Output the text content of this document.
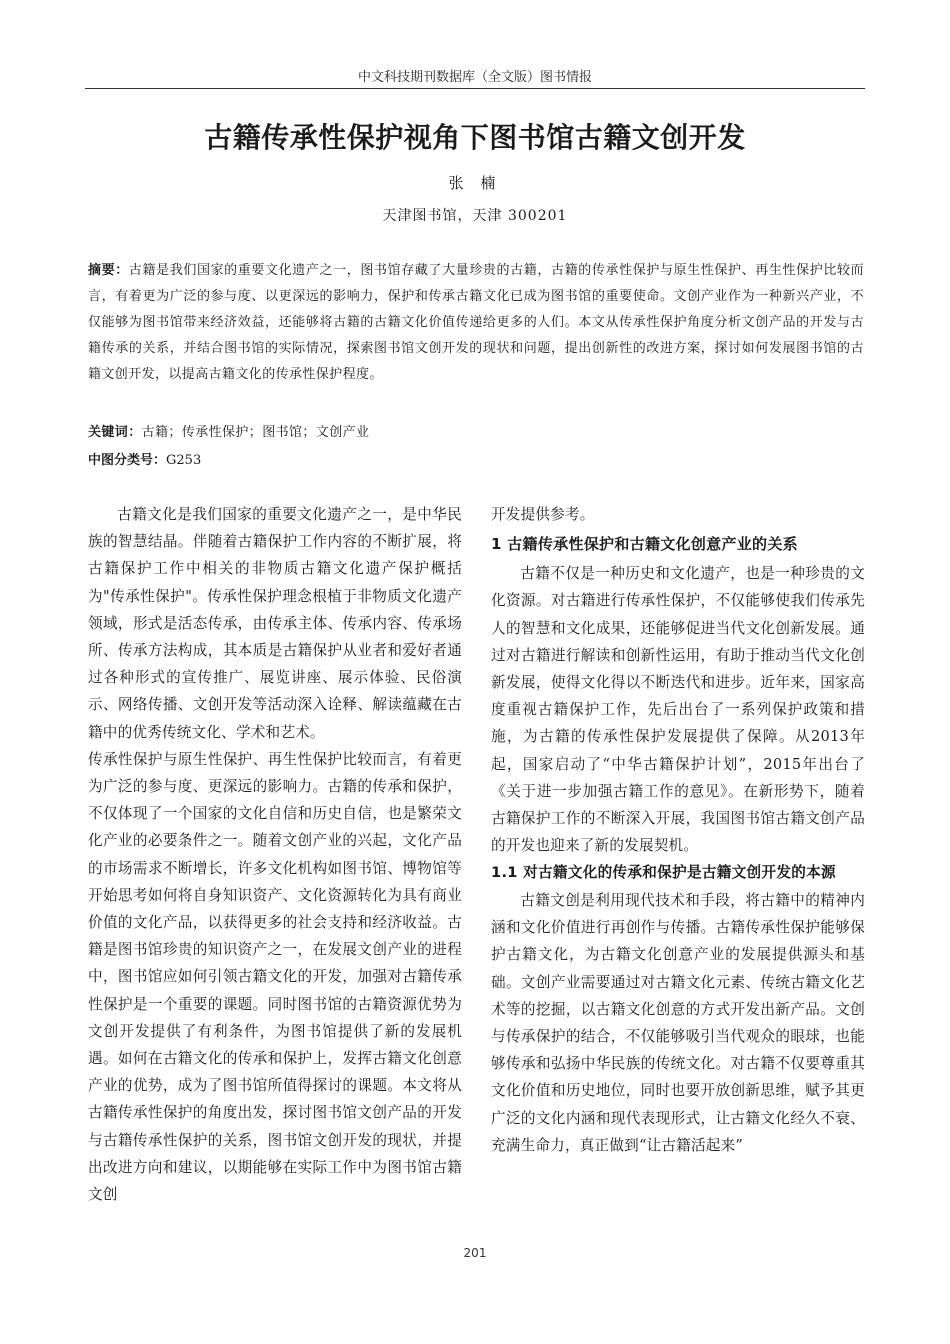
中文科技期刊数据库（全文版）图书情报
古籍传承性保护视角下图书馆古籍文创开发
张 楠
天津图书馆，天津 300201
摘要：古籍是我们国家的重要文化遗产之一，图书馆存藏了大量珍贵的古籍，古籍的传承性保护与原生性保护、再生性保护比较而言，有着更为广泛的参与度、以更深远的影响力，保护和传承古籍文化已成为图书馆的重要使命。文创产业作为一种新兴产业，不仅能够为图书馆带来经济效益，还能够将古籍的古籍文化价值传递给更多的人们。本文从传承性保护角度分析文创产品的开发与古籍传承的关系，并结合图书馆的实际情况，探索图书馆文创开发的现状和问题，提出创新性的改进方案，探讨如何发展图书馆的古籍文创开发，以提高古籍文化的传承性保护程度。
关键词：古籍；传承性保护；图书馆；文创产业
中图分类号：G253

古籍文化是我们国家的重要文化遗产之一，是中华民族的智慧结晶。伴随着古籍保护工作内容的不断扩展，将古籍保护工作中相关的非物质古籍文化遗产保护概括为"传承性保护"。传承性保护理念根植于非物质文化遗产领域，形式是活态传承，由传承主体、传承内容、传承场所、传承方法构成，其本质是古籍保护从业者和爱好者通过各种形式的宣传推广、展览讲座、展示体验、民俗演示、网络传播、文创开发等活动深入诠释、解读蕴藏在古籍中的优秀传统文化、学术和艺术。

传承性保护与原生性保护、再生性保护比较而言，有着更为广泛的参与度、更深远的影响力。古籍的传承和保护，不仅体现了一个国家的文化自信和历史自信，也是繁荣文化产业的必要条件之一。随着文创产业的兴起，文化产品的市场需求不断增长，许多文化机构如图书馆、博物馆等开始思考如何将自身知识资产、文化资源转化为具有商业价值的文化产品，以获得更多的社会支持和经济收益。古籍是图书馆珍贵的知识资产之一，在发展文创产业的进程中，图书馆应如何引领古籍文化的开发，加强对古籍传承性保护是一个重要的课题。同时图书馆的古籍资源优势为文创开发提供了有利条件，为图书馆提供了新的发展机遇。如何在古籍文化的传承和保护上，发挥古籍文化创意产业的优势，成为了图书馆所值得探讨的课题。本文将从古籍传承性保护的角度出发，探讨图书馆文创产品的开发与古籍传承性保护的关系，图书馆文创开发的现状，并提出改进方向和建议，以期能够在实际工作中为图书馆古籍文创

开发提供参考。

1 古籍传承性保护和古籍文化创意产业的关系

古籍不仅是一种历史和文化遗产，也是一种珍贵的文化资源。对古籍进行传承性保护，不仅能够使我们传承先人的智慧和文化成果，还能够促进当代文化创新发展。通过对古籍进行解读和创新性运用，有助于推动当代文化创新发展，使得文化得以不断迭代和进步。近年来，国家高度重视古籍保护工作，先后出台了一系列保护政策和措施，为古籍的传承性保护发展提供了保障。从2013年起，国家启动了“中华古籍保护计划”，2015年出台了《关于进一步加强古籍工作的意见》。在新形势下，随着古籍保护工作的不断深入开展，我国图书馆古籍文创产品的开发也迎来了新的发展契机。

1.1 对古籍文化的传承和保护是古籍文创开发的本源

古籍文创是利用现代技术和手段，将古籍中的精神内涵和文化价值进行再创作与传播。古籍传承性保护能够保护古籍文化，为古籍文化创意产业的发展提供源头和基础。文创产业需要通过对古籍文化元素、传统古籍文化艺术等的挖掘，以古籍文化创意的方式开发出新产品。文创与传承保护的结合，不仅能够吸引当代观众的眼球，也能够传承和弘扬中华民族的传统文化。对古籍不仅要尊重其文化价值和历史地位，同时也要开放创新思维，赋予其更广泛的文化内涵和现代表现形式，让古籍文化经久不衰、充满生命力，真正做到“让古籍活起来”

201
